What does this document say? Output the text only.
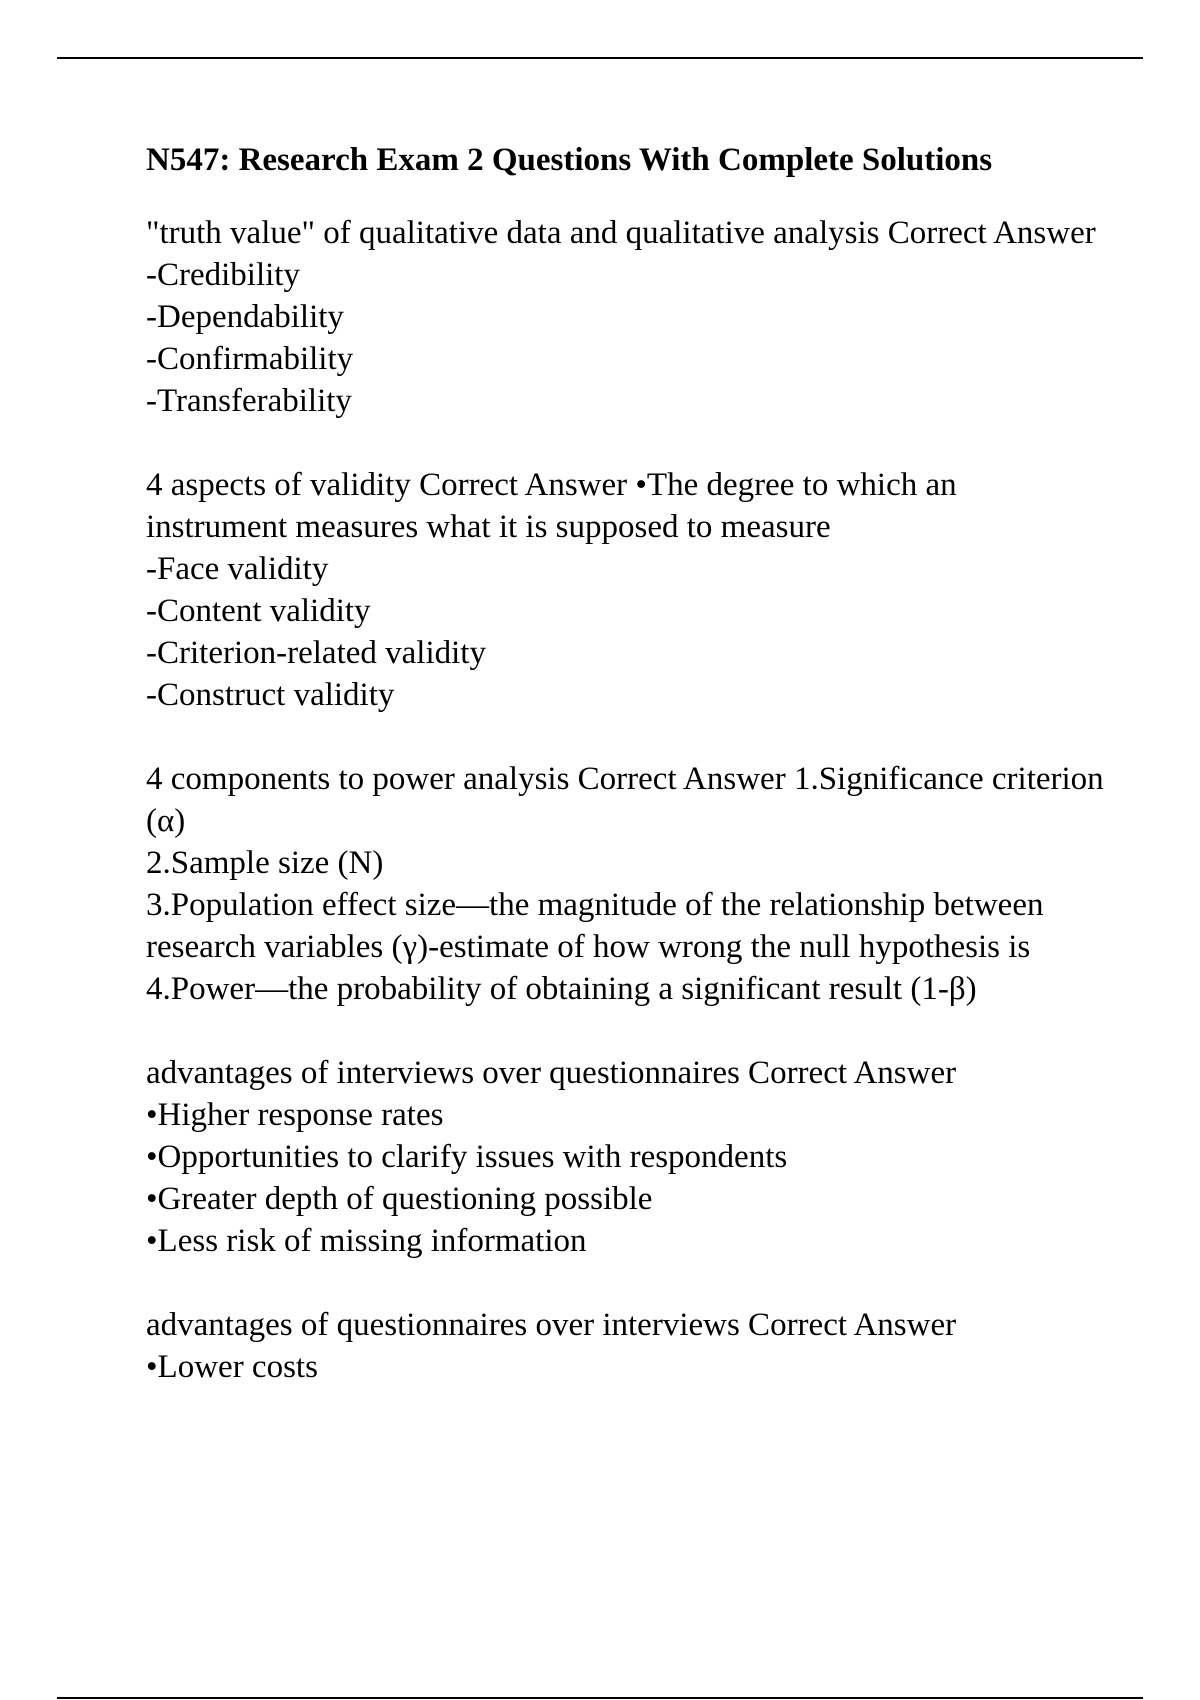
N547: Research Exam 2 Questions With Complete Solutions
"truth value" of qualitative data and qualitative analysis Correct Answer -Credibility
-Dependability
-Confirmability
-Transferability
4 aspects of validity Correct Answer •The degree to which an instrument measures what it is supposed to measure
-Face validity
-Content validity
-Criterion-related validity
-Construct validity
4 components to power analysis Correct Answer 1.Significance criterion (α)
2.Sample size (N)
3.Population effect size—the magnitude of the relationship between research variables (γ)-estimate of how wrong the null hypothesis is
4.Power—the probability of obtaining a significant result (1-β)
advantages of interviews over questionnaires Correct Answer
•Higher response rates
•Opportunities to clarify issues with respondents
•Greater depth of questioning possible
•Less risk of missing information
advantages of questionnaires over interviews Correct Answer
•Lower costs
